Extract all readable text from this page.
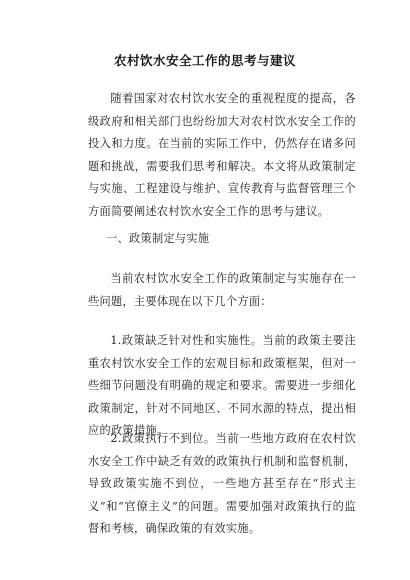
农村饮水安全工作的思考与建议

随着国家对农村饮水安全的重视程度的提高，各级政府和相关部门也纷纷加大对农村饮水安全工作的投入和力度。在当前的实际工作中，仍然存在诸多问题和挑战，需要我们思考和解决。本文将从政策制定与实施、工程建设与维护、宣传教育与监督管理三个方面简要阐述农村饮水安全工作的思考与建议。

一、政策制定与实施

当前农村饮水安全工作的政策制定与实施存在一些问题，主要体现在以下几个方面：

1.政策缺乏针对性和实施性。当前的政策主要注重农村饮水安全工作的宏观目标和政策框架，但对一些细节问题没有明确的规定和要求。需要进一步细化政策制定，针对不同地区、不同水源的特点，提出相应的政策措施。

2.政策执行不到位。当前一些地方政府在农村饮水安全工作中缺乏有效的政策执行机制和监督机制，导致政策实施不到位，一些地方甚至存在“形式主义”和“官僚主义”的问题。需要加强对政策执行的监督和考核，确保政策的有效实施。
